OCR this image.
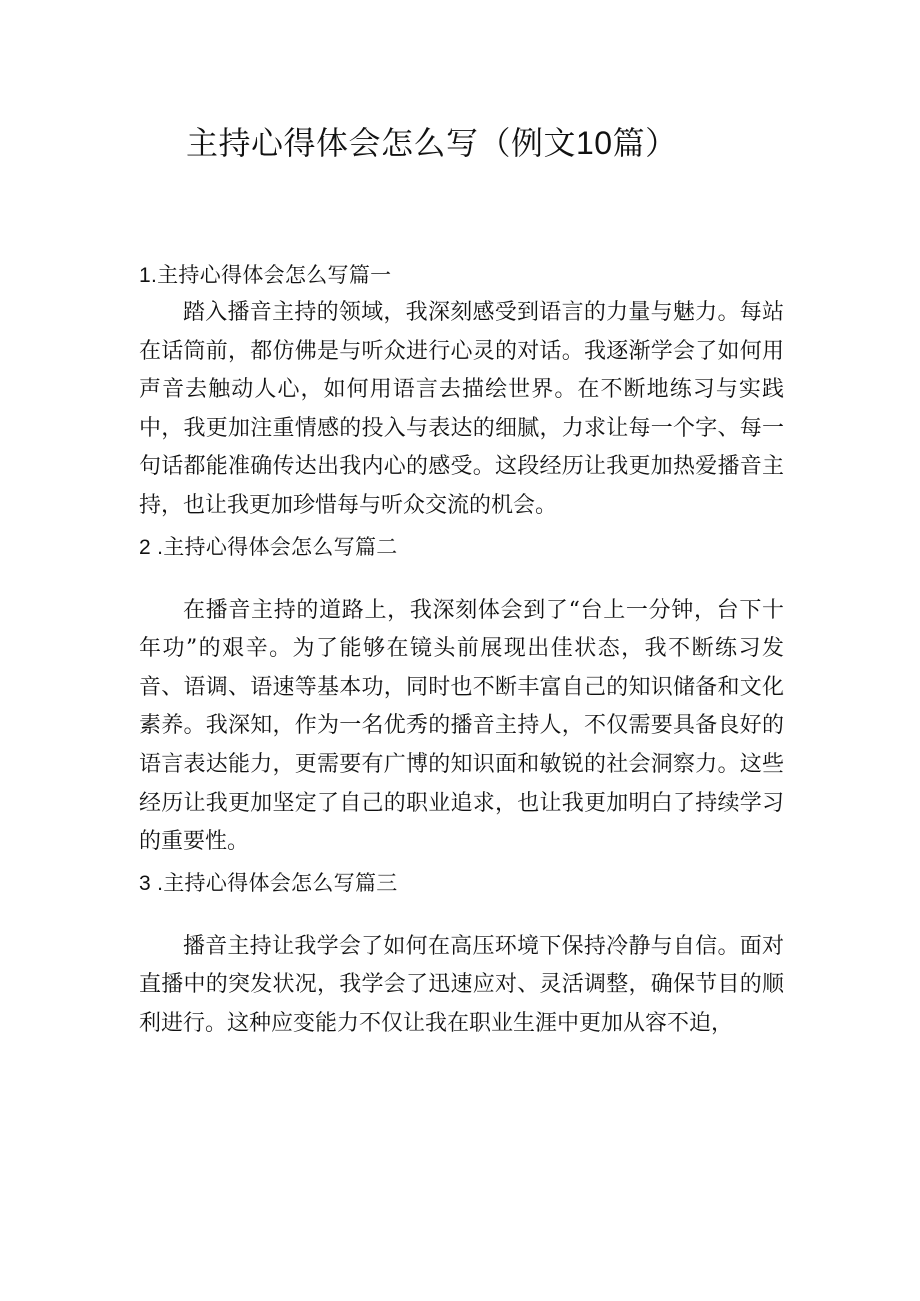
主持心得体会怎么写（例文10篇）
1.主持心得体会怎么写篇一

踏入播音主持的领域，我深刻感受到语言的力量与魅力。每站在话筒前，都仿佛是与听众进行心灵的对话。我逐渐学会了如何用声音去触动人心，如何用语言去描绘世界。在不断地练习与实践中，我更加注重情感的投入与表达的细腻，力求让每一个字、每一句话都能准确传达出我内心的感受。这段经历让我更加热爱播音主持，也让我更加珍惜每与听众交流的机会。

2 .主持心得体会怎么写篇二

在播音主持的道路上，我深刻体会到了“台上一分钟，台下十年功”的艰辛。为了能够在镜头前展现出佳状态，我不断练习发音、语调、语速等基本功，同时也不断丰富自己的知识储备和文化素养。我深知，作为一名优秀的播音主持人，不仅需要具备良好的语言表达能力，更需要有广博的知识面和敏锐的社会洞察力。这些经历让我更加坚定了自己的职业追求，也让我更加明白了持续学习的重要性。

3 .主持心得体会怎么写篇三

播音主持让我学会了如何在高压环境下保持冷静与自信。面对直播中的突发状况，我学会了迅速应对、灵活调整，确保节目的顺利进行。这种应变能力不仅让我在职业生涯中更加从容不迫，
